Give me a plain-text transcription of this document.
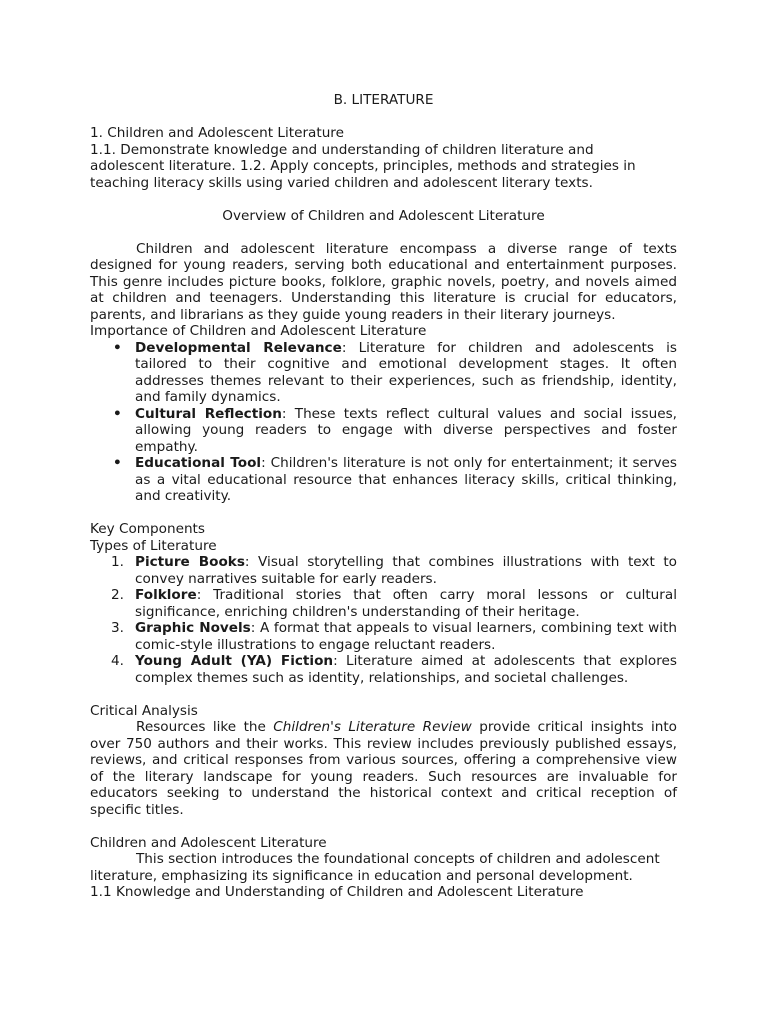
B. LITERATURE
1. Children and Adolescent Literature
1.1. Demonstrate knowledge and understanding of children literature and
adolescent literature. 1.2. Apply concepts, principles, methods and strategies in
teaching literacy skills using varied children and adolescent literary texts.
Overview of Children and Adolescent Literature
Children and adolescent literature encompass a diverse range of texts designed for young readers, serving both educational and entertainment purposes. This genre includes picture books, folklore, graphic novels, poetry, and novels aimed at children and teenagers. Understanding this literature is crucial for educators, parents, and librarians as they guide young readers in their literary journeys.
Importance of Children and Adolescent Literature
• Developmental Relevance: Literature for children and adolescents is tailored to their cognitive and emotional development stages. It often addresses themes relevant to their experiences, such as friendship, identity, and family dynamics.
• Cultural Reflection: These texts reflect cultural values and social issues, allowing young readers to engage with diverse perspectives and foster empathy.
• Educational Tool: Children's literature is not only for entertainment; it serves as a vital educational resource that enhances literacy skills, critical thinking, and creativity.
Key Components
Types of Literature
1. Picture Books: Visual storytelling that combines illustrations with text to convey narratives suitable for early readers.
2. Folklore: Traditional stories that often carry moral lessons or cultural significance, enriching children's understanding of their heritage.
3. Graphic Novels: A format that appeals to visual learners, combining text with comic-style illustrations to engage reluctant readers.
4. Young Adult (YA) Fiction: Literature aimed at adolescents that explores complex themes such as identity, relationships, and societal challenges.
Critical Analysis
Resources like the Children's Literature Review provide critical insights into over 750 authors and their works. This review includes previously published essays, reviews, and critical responses from various sources, offering a comprehensive view of the literary landscape for young readers. Such resources are invaluable for educators seeking to understand the historical context and critical reception of specific titles.
Children and Adolescent Literature
This section introduces the foundational concepts of children and adolescent literature, emphasizing its significance in education and personal development.
1.1 Knowledge and Understanding of Children and Adolescent Literature
